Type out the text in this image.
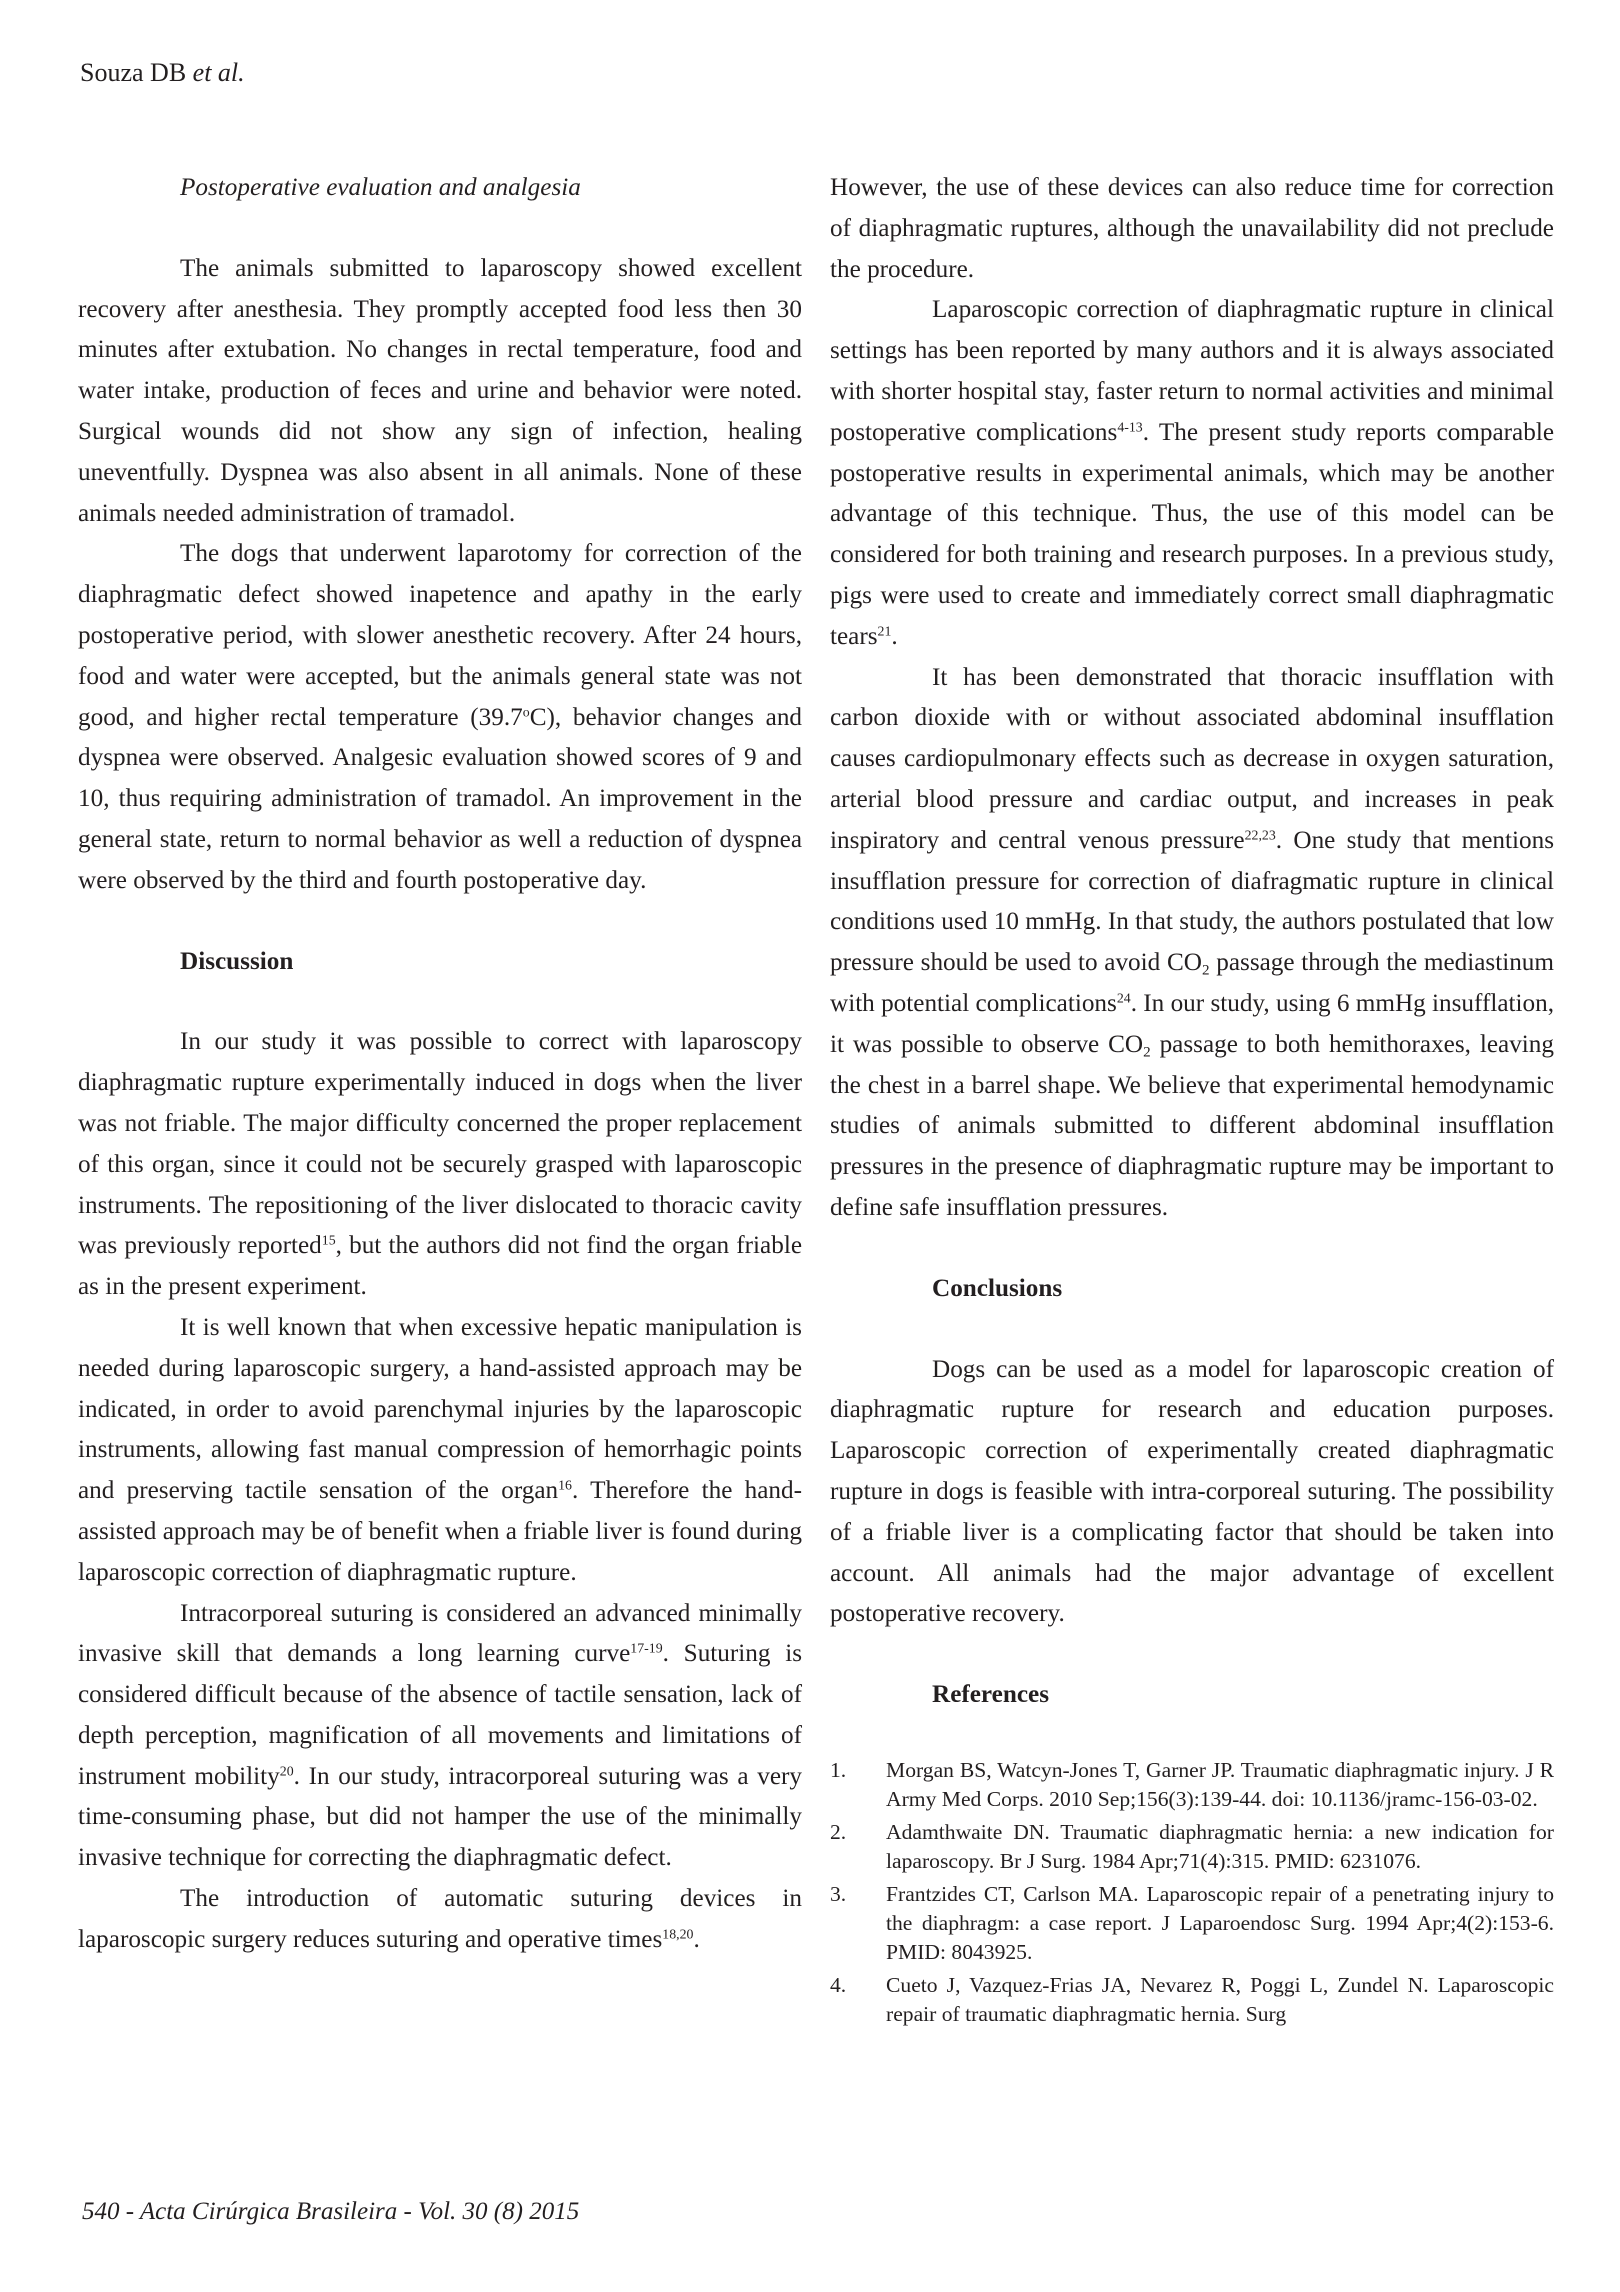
Souza DB et al.

Postoperative evaluation and analgesia

The animals submitted to laparoscopy showed excellent recovery after anesthesia. They promptly accepted food less then 30 minutes after extubation. No changes in rectal temperature, food and water intake, production of feces and urine and behavior were noted. Surgical wounds did not show any sign of infection, healing uneventfully. Dyspnea was also absent in all animals. None of these animals needed administration of tramadol.

The dogs that underwent laparotomy for correction of the diaphragmatic defect showed inapetence and apathy in the early postoperative period, with slower anesthetic recovery. After 24 hours, food and water were accepted, but the animals general state was not good, and higher rectal temperature (39.7$^o$C), behavior changes and dyspnea were observed. Analgesic evaluation showed scores of 9 and 10, thus requiring administration of tramadol. An improvement in the general state, return to normal behavior as well a reduction of dyspnea were observed by the third and fourth postoperative day.

Discussion

In our study it was possible to correct with laparoscopy diaphragmatic rupture experimentally induced in dogs when the liver was not friable. The major difficulty concerned the proper replacement of this organ, since it could not be securely grasped with laparoscopic instruments. The repositioning of the liver dislocated to thoracic cavity was previously reported$^{15}$, but the authors did not find the organ friable as in the present experiment.

It is well known that when excessive hepatic manipulation is needed during laparoscopic surgery, a hand-assisted approach may be indicated, in order to avoid parenchymal injuries by the laparoscopic instruments, allowing fast manual compression of hemorrhagic points and preserving tactile sensation of the organ$^{16}$. Therefore the hand-assisted approach may be of benefit when a friable liver is found during laparoscopic correction of diaphragmatic rupture.

Intracorporeal suturing is considered an advanced minimally invasive skill that demands a long learning curve$^{17-19}$. Suturing is considered difficult because of the absence of tactile sensation, lack of depth perception, magnification of all movements and limitations of instrument mobility$^{20}$. In our study, intracorporeal suturing was a very time-consuming phase, but did not hamper the use of the minimally invasive technique for correcting the diaphragmatic defect.

The introduction of automatic suturing devices in laparoscopic surgery reduces suturing and operative times$^{18,20}$.

However, the use of these devices can also reduce time for correction of diaphragmatic ruptures, although the unavailability did not preclude the procedure.

Laparoscopic correction of diaphragmatic rupture in clinical settings has been reported by many authors and it is always associated with shorter hospital stay, faster return to normal activities and minimal postoperative complications$^{4-13}$. The present study reports comparable postoperative results in experimental animals, which may be another advantage of this technique. Thus, the use of this model can be considered for both training and research purposes. In a previous study, pigs were used to create and immediately correct small diaphragmatic tears$^{21}$.

It has been demonstrated that thoracic insufflation with carbon dioxide with or without associated abdominal insufflation causes cardiopulmonary effects such as decrease in oxygen saturation, arterial blood pressure and cardiac output, and increases in peak inspiratory and central venous pressure$^{22,23}$. One study that mentions insufflation pressure for correction of diafragmatic rupture in clinical conditions used 10 mmHg. In that study, the authors postulated that low pressure should be used to avoid $CO_2$ passage through the mediastinum with potential complications$^{24}$. In our study, using 6 mmHg insufflation, it was possible to observe $CO_2$ passage to both hemithoraxes, leaving the chest in a barrel shape. We believe that experimental hemodynamic studies of animals submitted to different abdominal insufflation pressures in the presence of diaphragmatic rupture may be important to define safe insufflation pressures.

Conclusions

Dogs can be used as a model for laparoscopic creation of diaphragmatic rupture for research and education purposes. Laparoscopic correction of experimentally created diaphragmatic rupture in dogs is feasible with intra-corporeal suturing. The possibility of a friable liver is a complicating factor that should be taken into account. All animals had the major advantage of excellent postoperative recovery.

References

1. Morgan BS, Watcyn-Jones T, Garner JP. Traumatic diaphragmatic injury. J R Army Med Corps. 2010 Sep;156(3):139-44. doi: 10.1136/jramc-156-03-02.
2. Adamthwaite DN. Traumatic diaphragmatic hernia: a new indication for laparoscopy. Br J Surg. 1984 Apr;71(4):315. PMID: 6231076.
3. Frantzides CT, Carlson MA. Laparoscopic repair of a penetrating injury to the diaphragm: a case report. J Laparoendosc Surg. 1994 Apr;4(2):153-6. PMID: 8043925.
4. Cueto J, Vazquez-Frias JA, Nevarez R, Poggi L, Zundel N. Laparoscopic repair of traumatic diaphragmatic hernia. Surg
540 - Acta Cirúrgica Brasileira - Vol. 30 (8) 2015
